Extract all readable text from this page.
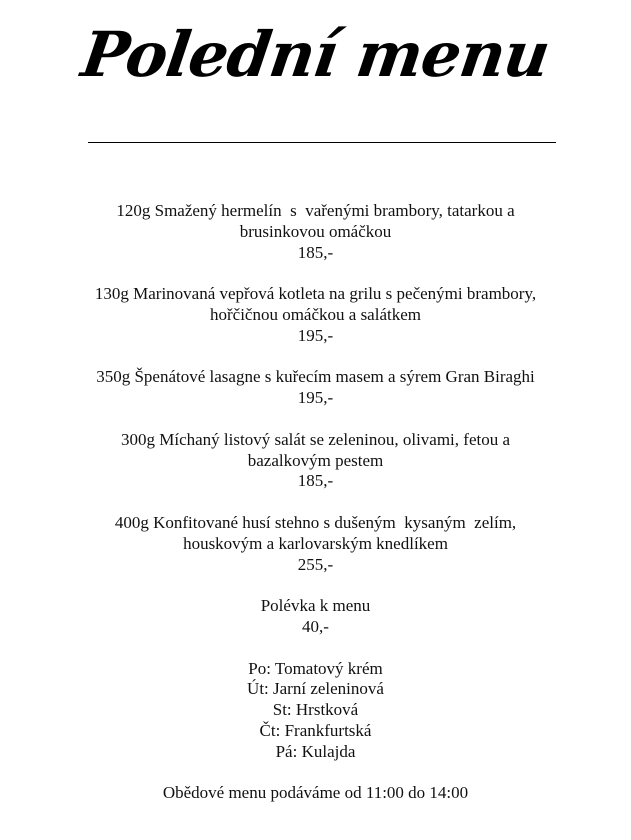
Polední menu
120g Smažený hermelín  s  vařenými brambory, tatarkou a
brusinkovou omáčkou
185,-
130g Marinovaná vepřová kotleta na grilu s pečenými brambory,
hořčičnou omáčkou a salátkem
195,-
350g Špenátové lasagne s kuřecím masem a sýrem Gran Biraghi
195,-
300g Míchaný listový salát se zeleninou, olivami, fetou a
bazalkovým pestem
185,-
400g Konfitované husí stehno s dušeným  kysaným  zelím,
houskovým a karlovarským knedlíkem
255,-
Polévka k menu
40,-
Po: Tomatový krém
Út: Jarní zeleninová
St: Hrstková
Čt: Frankfurtská
Pá: Kulajda
Obědové menu podáváme od 11:00 do 14:00
